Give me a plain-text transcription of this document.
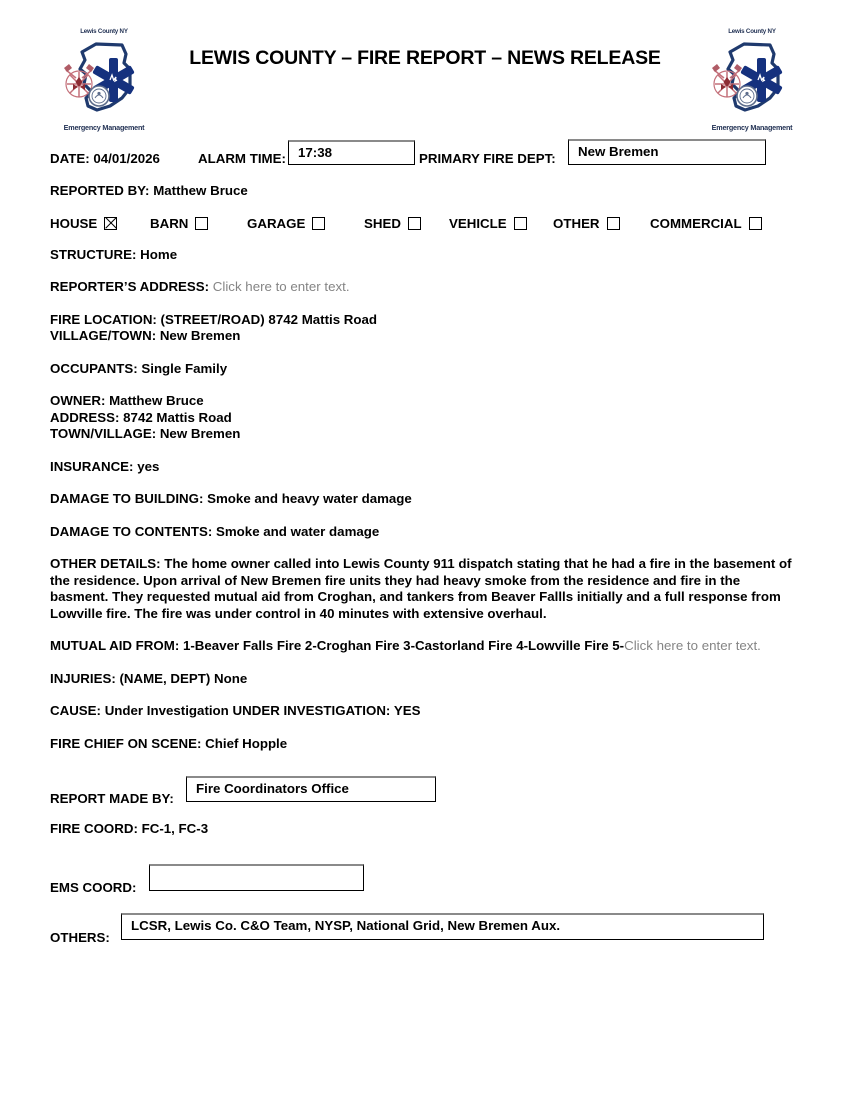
Lewis County NY
Emergency Management
Lewis County NY
Emergency Management
LEWIS COUNTY – FIRE REPORT – NEWS RELEASE
DATE: 04/01/2026	ALARM TIME: 17:38	PRIMARY FIRE DEPT:	New Bremen
REPORTED BY: Matthew Bruce
HOUSE	BARN	GARAGE	SHED	VEHICLE	OTHER	COMMERCIAL
STRUCTURE: Home
REPORTER’S ADDRESS: Click here to enter text.
FIRE LOCATION: (STREET/ROAD) 8742 Mattis Road
VILLAGE/TOWN: New Bremen
OCCUPANTS: Single Family
OWNER: Matthew Bruce
ADDRESS: 8742 Mattis Road
TOWN/VILLAGE: New Bremen
INSURANCE: yes
DAMAGE TO BUILDING: Smoke and heavy water damage
DAMAGE TO CONTENTS: Smoke and water damage
OTHER DETAILS: The home owner called into Lewis County 911 dispatch stating that he had a fire in the basement of the residence. Upon arrival of New Bremen fire units they had heavy smoke from the residence and fire in the basment. They requested mutual aid from Croghan, and tankers from Beaver Fallls initially and a full response from Lowville fire. The fire was under control in 40 minutes with extensive overhaul.
MUTUAL AID FROM: 1-Beaver Falls Fire 2-Croghan Fire 3-Castorland Fire 4-Lowville Fire 5-Click here to enter text.
INJURIES: (NAME, DEPT) None
CAUSE: Under Investigation UNDER INVESTIGATION: YES
FIRE CHIEF ON SCENE: Chief Hopple
REPORT MADE BY:
Fire Coordinators Office
FIRE COORD: FC-1, FC-3
EMS COORD:
OTHERS:
LCSR, Lewis Co. C&O Team, NYSP, National Grid, New Bremen Aux.
